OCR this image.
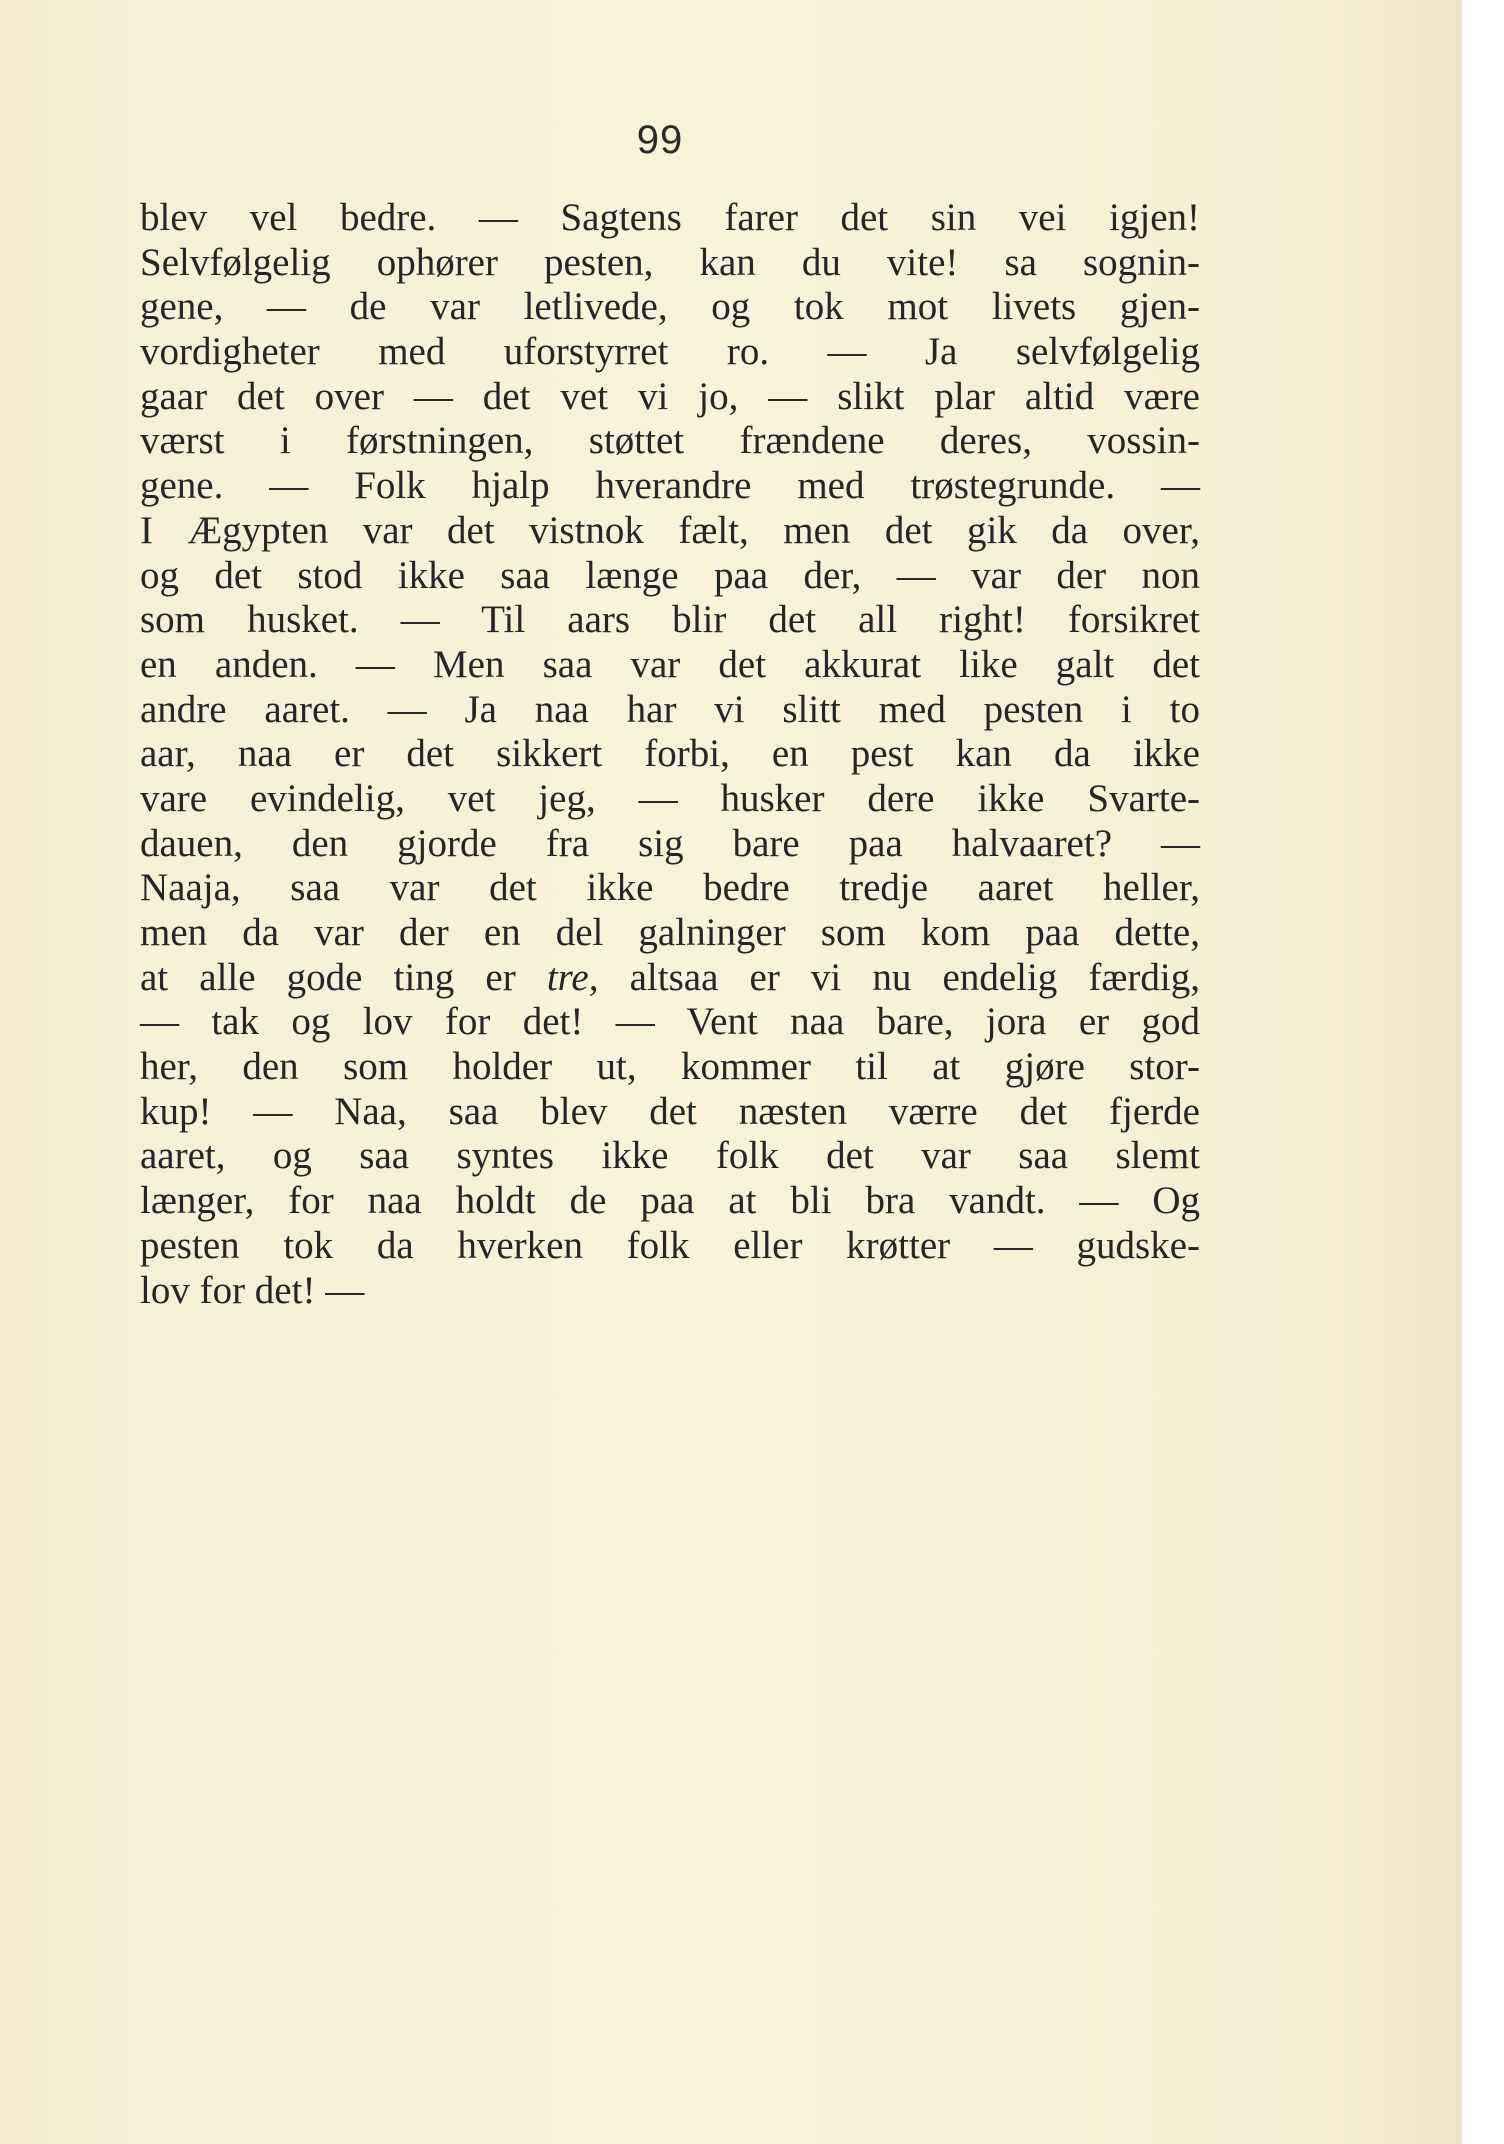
99
blev vel bedre. — Sagtens farer det sin vei igjen!
Selvfølgelig ophører pesten, kan du vite! sa sognin-
gene, — de var letlivede, og tok mot livets gjen-
vordigheter med uforstyrret ro. — Ja selvfølgelig
gaar det over — det vet vi jo, — slikt plar altid være
værst i førstningen, støttet frændene deres, vossin-
gene. — Folk hjalp hverandre med trøstegrunde. —
I Ægypten var det vistnok fælt, men det gik da over,
og det stod ikke saa længe paa der, — var der non
som husket. — Til aars blir det all right! forsikret
en anden. — Men saa var det akkurat like galt det
andre aaret. — Ja naa har vi slitt med pesten i to
aar, naa er det sikkert forbi, en pest kan da ikke
vare evindelig, vet jeg, — husker dere ikke Svarte-
dauen, den gjorde fra sig bare paa halvaaret? —
Naaja, saa var det ikke bedre tredje aaret heller,
men da var der en del galninger som kom paa dette,
at alle gode ting er tre, altsaa er vi nu endelig færdig,
— tak og lov for det! — Vent naa bare, jora er god
her, den som holder ut, kommer til at gjøre stor-
kup! — Naa, saa blev det næsten værre det fjerde
aaret, og saa syntes ikke folk det var saa slemt
længer, for naa holdt de paa at bli bra vandt. — Og
pesten tok da hverken folk eller krøtter — gudske-
lov for det! —
